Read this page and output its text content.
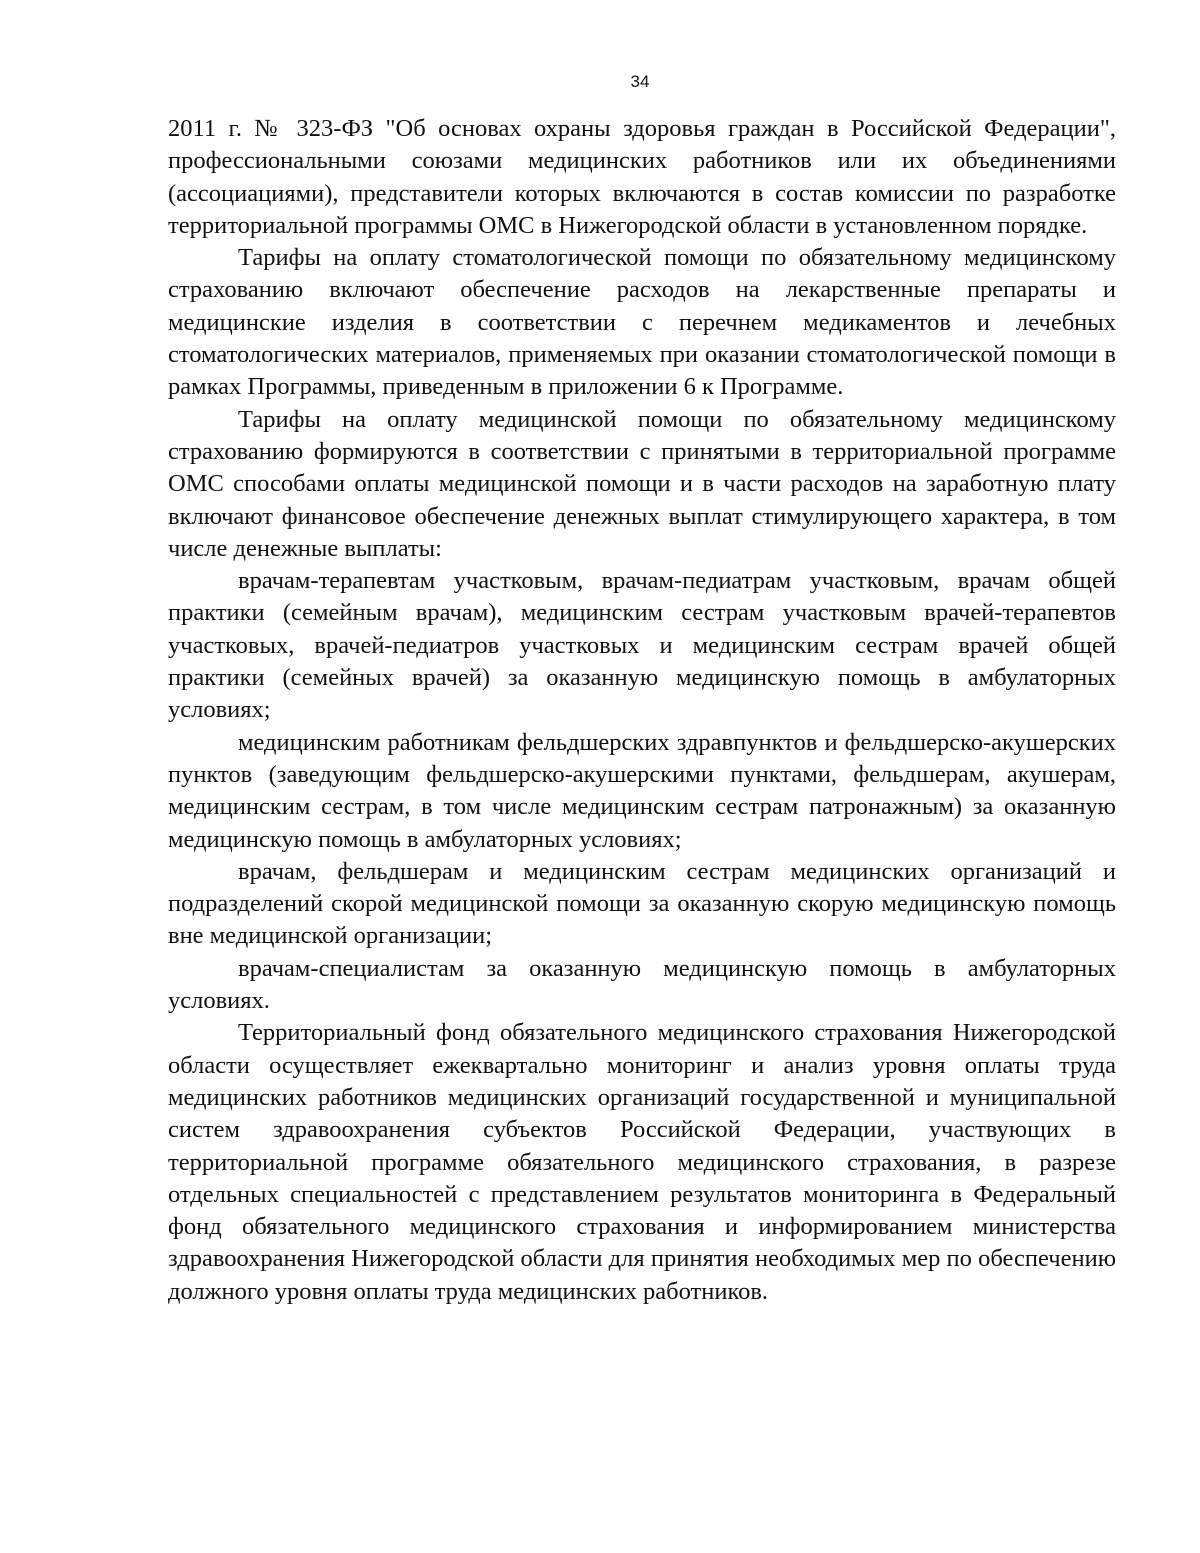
34

2011 г. № 323-ФЗ "Об основах охраны здоровья граждан в Российской Федерации", профессиональными союзами медицинских работников или их объединениями (ассоциациями), представители которых включаются в состав комиссии по разработке территориальной программы ОМС в Нижегородской области в установленном порядке.

Тарифы на оплату стоматологической помощи по обязательному медицинскому страхованию включают обеспечение расходов на лекарственные препараты и медицинские изделия в соответствии с перечнем медикаментов и лечебных стоматологических материалов, применяемых при оказании стоматологической помощи в рамках Программы, приведенным в приложении 6 к Программе.

Тарифы на оплату медицинской помощи по обязательному медицинскому страхованию формируются в соответствии с принятыми в территориальной программе ОМС способами оплаты медицинской помощи и в части расходов на заработную плату включают финансовое обеспечение денежных выплат стимулирующего характера, в том числе денежные выплаты:

врачам-терапевтам участковым, врачам-педиатрам участковым, врачам общей практики (семейным врачам), медицинским сестрам участковым врачей-терапевтов участковых, врачей-педиатров участковых и медицинским сестрам врачей общей практики (семейных врачей) за оказанную медицинскую помощь в амбулаторных условиях;

медицинским работникам фельдшерских здравпунктов и фельдшерско-акушерских пунктов (заведующим фельдшерско-акушерскими пунктами, фельдшерам, акушерам, медицинским сестрам, в том числе медицинским сестрам патронажным) за оказанную медицинскую помощь в амбулаторных условиях;

врачам, фельдшерам и медицинским сестрам медицинских организаций и подразделений скорой медицинской помощи за оказанную скорую медицинскую помощь вне медицинской организации;

врачам-специалистам за оказанную медицинскую помощь в амбулаторных условиях.

Территориальный фонд обязательного медицинского страхования Нижегородской области осуществляет ежеквартально мониторинг и анализ уровня оплаты труда медицинских работников медицинских организаций государственной и муниципальной систем здравоохранения субъектов Российской Федерации, участвующих в территориальной программе обязательного медицинского страхования, в разрезе отдельных специальностей с представлением результатов мониторинга в Федеральный фонд обязательного медицинского страхования и информированием министерства здравоохранения Нижегородской области для принятия необходимых мер по обеспечению должного уровня оплаты труда медицинских работников.
